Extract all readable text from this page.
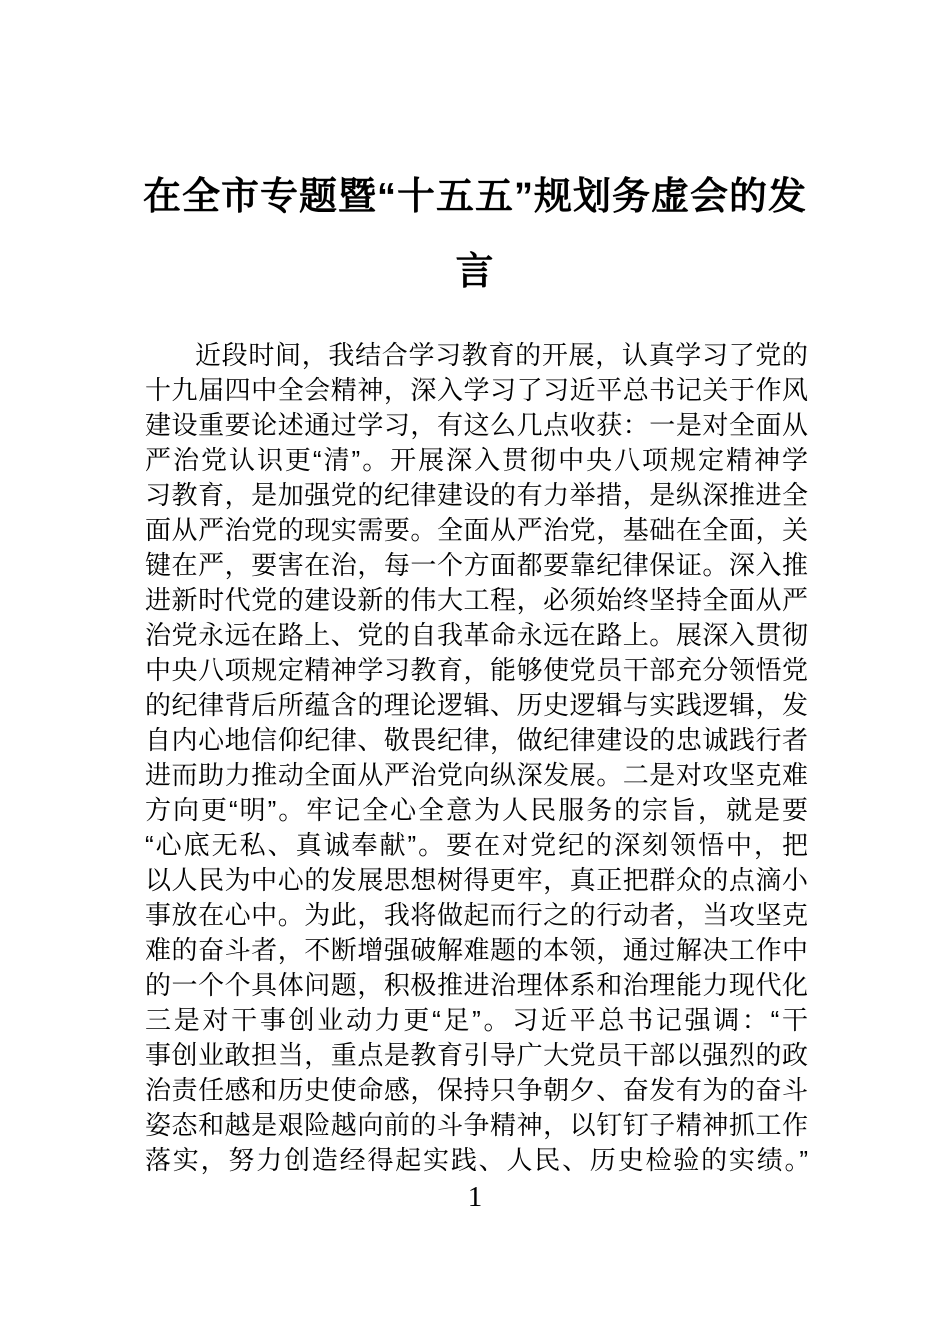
在全市专题暨“十五五”规划务虚会的发
言
近段时间，我结合学习教育的开展，认真学习了党的
十九届四中全会精神，深入学习了习近平总书记关于作风
建设重要论述通过学习，有这么几点收获：一是对全面从
严治党认识更“清”。开展深入贯彻中央八项规定精神学
习教育，是加强党的纪律建设的有力举措，是纵深推进全
面从严治党的现实需要。全面从严治党，基础在全面，关
键在严，要害在治，每一个方面都要靠纪律保证。深入推
进新时代党的建设新的伟大工程，必须始终坚持全面从严
治党永远在路上、党的自我革命永远在路上。展深入贯彻
中央八项规定精神学习教育，能够使党员干部充分领悟党
的纪律背后所蕴含的理论逻辑、历史逻辑与实践逻辑，发
自内心地信仰纪律、敬畏纪律，做纪律建设的忠诚践行者
进而助力推动全面从严治党向纵深发展。二是对攻坚克难
方向更“明”。牢记全心全意为人民服务的宗旨，就是要
“心底无私、真诚奉献”。要在对党纪的深刻领悟中，把
以人民为中心的发展思想树得更牢，真正把群众的点滴小
事放在心中。为此，我将做起而行之的行动者，当攻坚克
难的奋斗者，不断增强破解难题的本领，通过解决工作中
的一个个具体问题，积极推进治理体系和治理能力现代化
三是对干事创业动力更“足”。习近平总书记强调：“干
事创业敢担当，重点是教育引导广大党员干部以强烈的政
治责任感和历史使命感，保持只争朝夕、奋发有为的奋斗
姿态和越是艰险越向前的斗争精神，以钉钉子精神抓工作
落实，努力创造经得起实践、人民、历史检验的实绩。”
1
